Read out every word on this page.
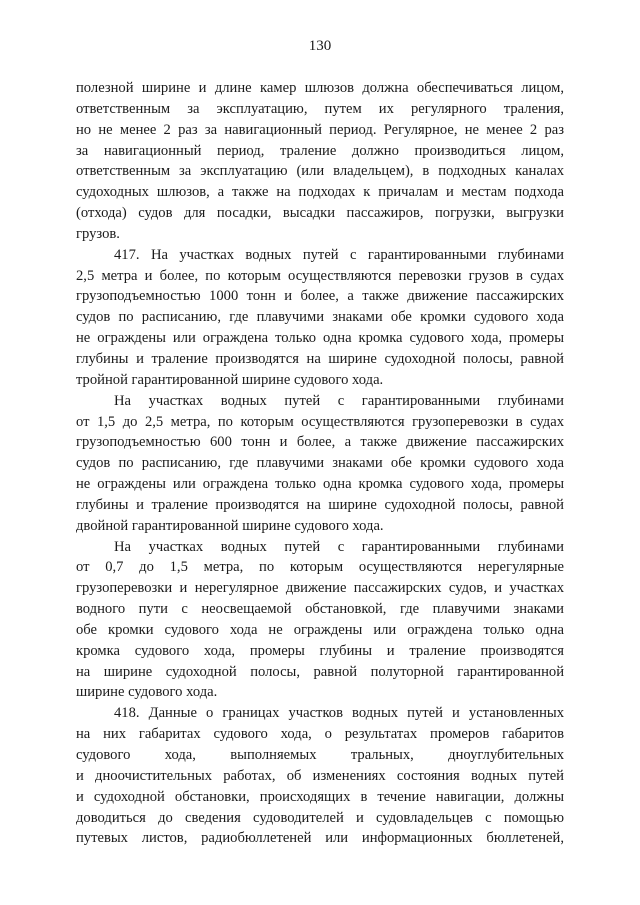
130
полезной ширине и длине камер шлюзов должна обеспечиваться лицом,
ответственным за эксплуатацию, путем их регулярного траления,
но не менее 2 раз за навигационный период. Регулярное, не менее 2 раз
за навигационный период, траление должно производиться лицом,
ответственным за эксплуатацию (или владельцем), в подходных каналах
судоходных шлюзов, а также на подходах к причалам и местам подхода
(отхода) судов для посадки, высадки пассажиров, погрузки, выгрузки
грузов.
417. На участках водных путей с гарантированными глубинами
2,5 метра и более, по которым осуществляются перевозки грузов в судах
грузоподъемностью 1000 тонн и более, а также движение пассажирских
судов по расписанию, где плавучими знаками обе кромки судового хода
не ограждены или ограждена только одна кромка судового хода, промеры
глубины и траление производятся на ширине судоходной полосы, равной
тройной гарантированной ширине судового хода.
На участках водных путей с гарантированными глубинами
от 1,5 до 2,5 метра, по которым осуществляются грузоперевозки в судах
грузоподъемностью 600 тонн и более, а также движение пассажирских
судов по расписанию, где плавучими знаками обе кромки судового хода
не ограждены или ограждена только одна кромка судового хода, промеры
глубины и траление производятся на ширине судоходной полосы, равной
двойной гарантированной ширине судового хода.
На участках водных путей с гарантированными глубинами
от 0,7 до 1,5 метра, по которым осуществляются нерегулярные
грузоперевозки и нерегулярное движение пассажирских судов, и участках
водного пути с неосвещаемой обстановкой, где плавучими знаками
обе кромки судового хода не ограждены или ограждена только одна
кромка судового хода, промеры глубины и траление производятся
на ширине судоходной полосы, равной полуторной гарантированной
ширине судового хода.
418. Данные о границах участков водных путей и установленных
на них габаритах судового хода, о результатах промеров габаритов
судового хода, выполняемых тральных, дноуглубительных
и дноочистительных работах, об изменениях состояния водных путей
и судоходной обстановки, происходящих в течение навигации, должны
доводиться до сведения судоводителей и судовладельцев с помощью
путевых листов, радиобюллетеней или информационных бюллетеней,
